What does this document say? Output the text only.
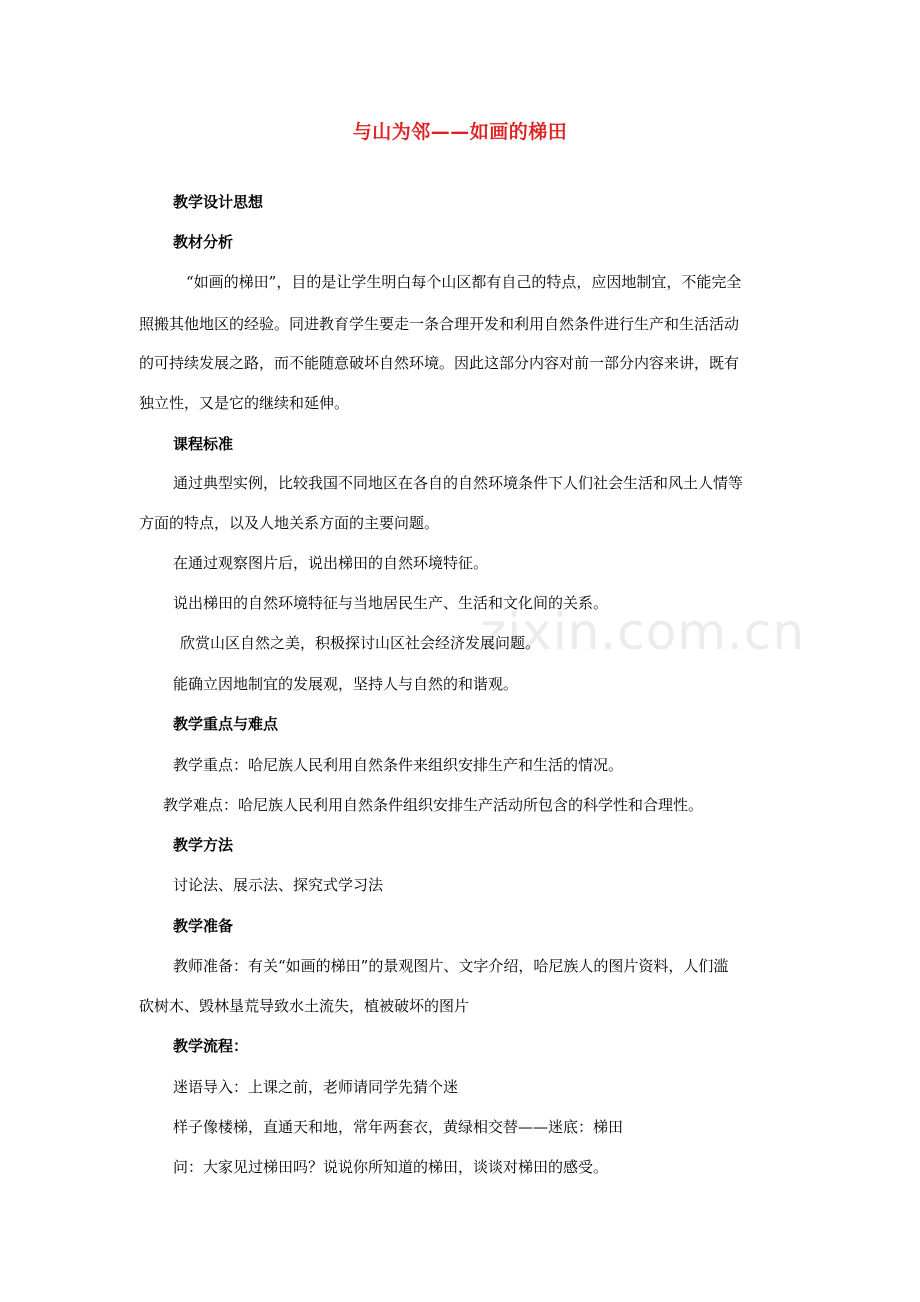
zixin.com.cn
与山为邻——如画的梯田
教学设计思想
教材分析
“如画的梯田”，目的是让学生明白每个山区都有自己的特点，应因地制宜，不能完全
照搬其他地区的经验。同进教育学生要走一条合理开发和利用自然条件进行生产和生活活动
的可持续发展之路，而不能随意破坏自然环境。因此这部分内容对前一部分内容来讲，既有
独立性，又是它的继续和延伸。
课程标准
通过典型实例，比较我国不同地区在各自的自然环境条件下人们社会生活和风土人情等
方面的特点，以及人地关系方面的主要问题。
在通过观察图片后，说出梯田的自然环境特征。
说出梯田的自然环境特征与当地居民生产、生活和文化间的关系。
欣赏山区自然之美，积极探讨山区社会经济发展问题。
能确立因地制宜的发展观，坚持人与自然的和谐观。
教学重点与难点
教学重点：哈尼族人民利用自然条件来组织安排生产和生活的情况。
教学难点：哈尼族人民利用自然条件组织安排生产活动所包含的科学性和合理性。
教学方法
讨论法、展示法、探究式学习法
教学准备
教师准备：有关“如画的梯田”的景观图片、文字介绍，哈尼族人的图片资料，人们滥
砍树木、毁林垦荒导致水土流失，植被破坏的图片
教学流程：
迷语导入：上课之前，老师请同学先猜个迷
样子像楼梯，直通天和地，常年两套衣，黄绿相交替——迷底：梯田
问：大家见过梯田吗？说说你所知道的梯田，谈谈对梯田的感受。
